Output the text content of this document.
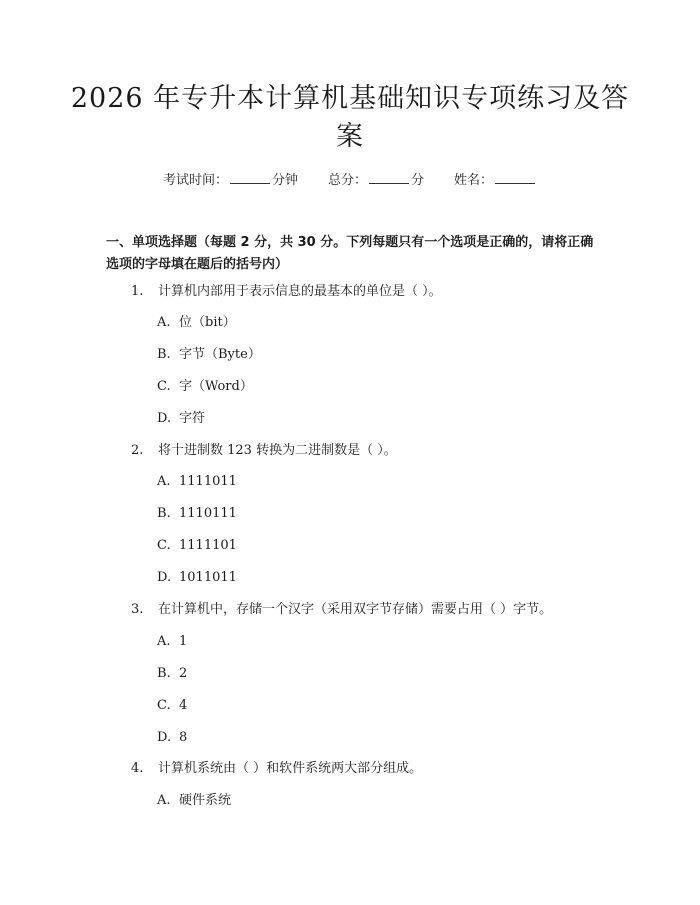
2026 年专升本计算机基础知识专项练习及答
案
考试时间：	分钟 总分：	分 姓名：
一、单项选择题（每题 2 分，共 30 分。下列每题只有一个选项是正确的，请将正确选项的字母填在题后的括号内）
1. 计算机内部用于表示信息的最基本的单位是（ ）。
A. 位（bit）
B. 字节（Byte）
C. 字（Word）
D. 字符
2. 将十进制数 123 转换为二进制数是（ ）。
A. 1111011
B. 1110111
C. 1111101
D. 1011011
3. 在计算机中，存储一个汉字（采用双字节存储）需要占用（ ）字节。
A. 1
B. 2
C. 4
D. 8
4. 计算机系统由（ ）和软件系统两大部分组成。
A. 硬件系统
